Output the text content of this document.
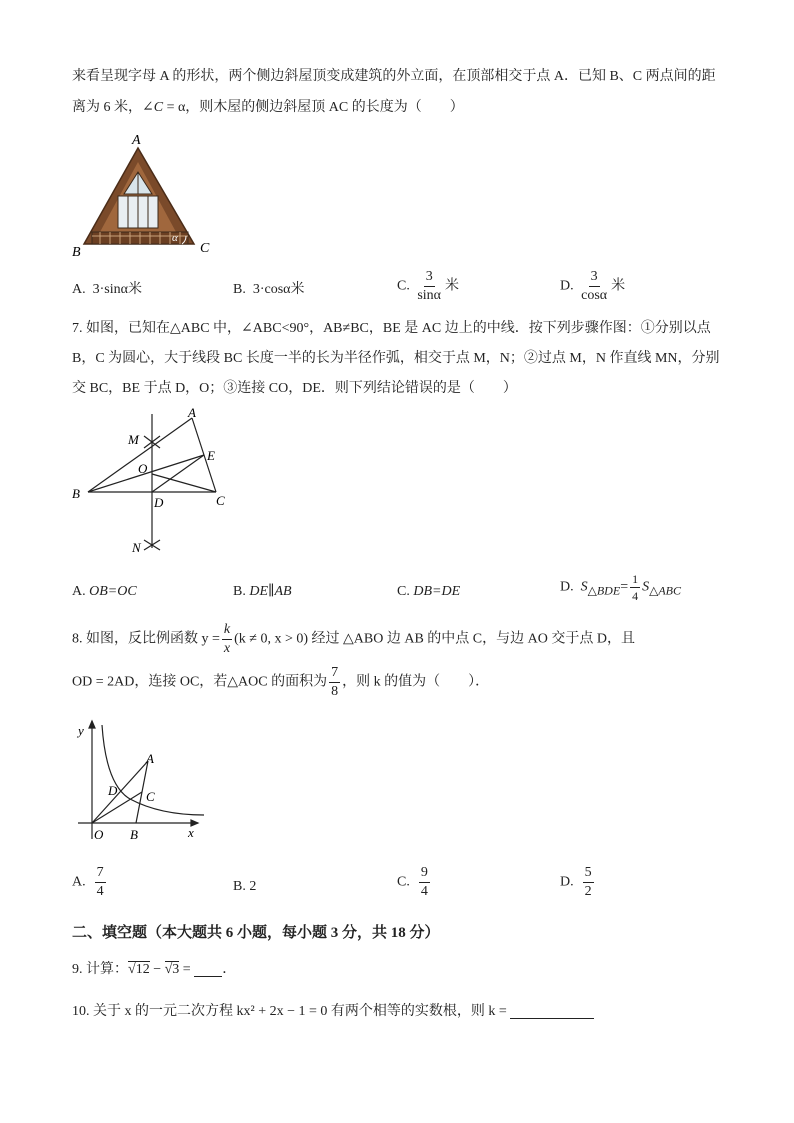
来看呈现字母 A 的形状，两个侧边斜屋顶变成建筑的外立面，在顶部相交于点 A．已知 B、C 两点间的距
离为 6 米，∠C = α，则木屋的侧边斜屋顶 AC 的长度为（　　）
A
B	C
α
A. 3·sinα米	B. 3·cosα米	C. $\frac{3}{\sin\alpha}$ 米	D. $\frac{3}{\cos\alpha}$ 米
7. 如图，已知在△ABC 中，∠ABC<90°，AB≠BC，BE 是 AC 边上的中线．按下列步骤作图：①分别以点
B，C 为圆心，大于线段 BC 长度一半的长为半径作弧，相交于点 M，N；②过点 M，N 作直线 MN，分别
交 BC，BE 于点 D，O；③连接 CO，DE．则下列结论错误的是（　　）
B
A
C
E
M
O
D
N
A. OB=OC	B. DE∥AB	C. DB=DE	D. $S_{\triangle BDE}= \frac{1}{4} S_{\triangle ABC}$
8. 如图，反比例函数 $y = \frac{k}{x} (k \ne 0$, x > 0) 经过 △ABO 边 AB 的中点 C，与边 AO 交于点 D，且
OD = 2AD，连接 OC，若△AOC 的面积为 $\frac{7}{8}$ ，则 k 的值为（　　）．
y
x
O B
A
C
D
A. $\frac{7}{4}$	B. 2	C. $\frac{9}{4}$	D. $\frac{5}{2}$
二、填空题（本大题共 6 小题，每小题 3 分，共 18 分）
9. 计算：√12 − √3 = ．
10. 关于 x 的一元二次方程 kx² + 2x − 1 = 0 有两个相等的实数根，则 k =
